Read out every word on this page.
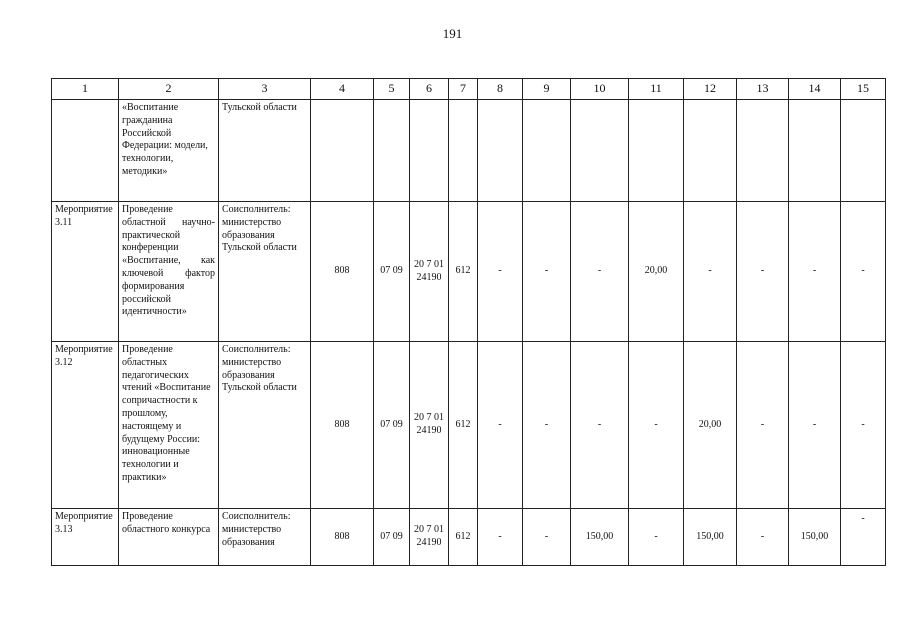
191
1	2	3	4	5	6	7	8	9	10	11	12	13	14	15
	«Воспитание гражданина Российской Федерации: модели, технологии, методики»	Тульской области												
Мероприятие 3.11	Проведение областной научно-практической конференции «Воспитание, как ключевой фактор формирования российской идентичности»	Соисполнитель: министерство образования Тульской области	808	07 09	20 7 01 24190	612	-	-	-	20,00	-	-	-	-
Мероприятие 3.12	Проведение областных педагогических чтений «Воспитание сопричастности к прошлому, настоящему и будущему России: инновационные технологии и практики»	Соисполнитель: министерство образования Тульской области	808	07 09	20 7 01 24190	612	-	-	-	-	20,00	-	-	-
Мероприятие 3.13	Проведение областного конкурса	Соисполнитель: министерство образования	808	07 09	20 7 01 24190	612	-	-	150,00	-	150,00	-	150,00	-
